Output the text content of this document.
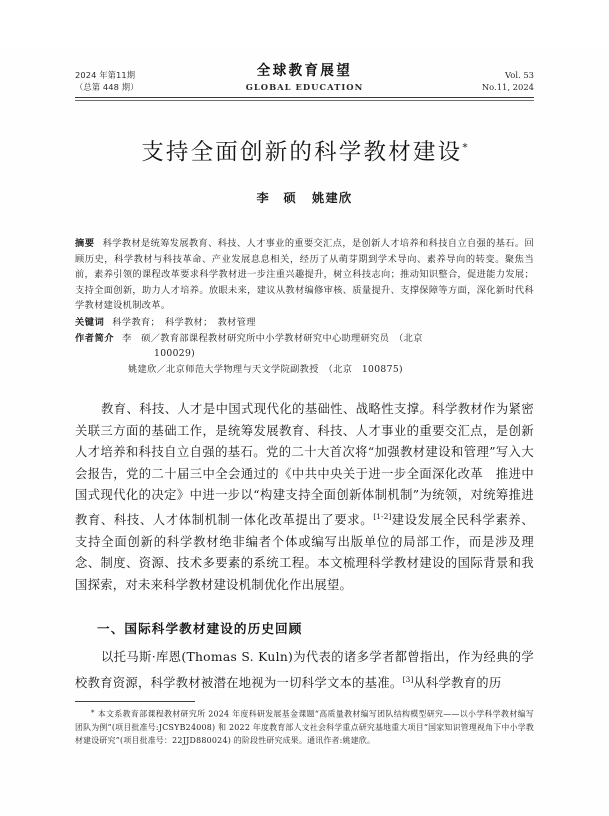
2024 年第11期
（总第 448 期）
全球教育展望
GLOBAL EDUCATION
Vol. 53
No.11, 2024
支持全面创新的科学教材建设*
李　硕 姚建欣
摘要 科学教材是统筹发展教育、科技、人才事业的重要交汇点，是创新人才培养和科技自立自强的基石。回顾历史，科学教材与科技革命、产业发展息息相关，经历了从萌芽期到学术导向、素养导向的转变。聚焦当前，素养引领的课程改革要求科学教材进一步注重兴趣提升，树立科技志向；推动知识整合，促进能力发展；支持全面创新，助力人才培养。放眼未来，建议从教材编修审核、质量提升、支撑保障等方面，深化新时代科学教材建设机制改革。
关键词 科学教育；　科学教材；　教材管理
作者简介 李　硕／教育部课程教材研究所中小学教材研究中心助理研究员　（北京
100029)
姚建欣／北京师范大学物理与天文学院副教授　（北京　100875)

教育、科技、人才是中国式现代化的基础性、战略性支撑。科学教材作为紧密关联三方面的基础工作，是统筹发展教育、科技、人才事业的重要交汇点，是创新人才培养和科技自立自强的基石。党的二十大首次将“加强教材建设和管理”写入大会报告，党的二十届三中全会通过的《中共中央关于进一步全面深化改革　推进中国式现代化的决定》中进一步以“构建支持全面创新体制机制”为统领，对统筹推进教育、科技、人才体制机制一体化改革提出了要求。[1-2]建设发展全民科学素养、支持全面创新的科学教材绝非编者个体或编写出版单位的局部工作，而是涉及理念、制度、资源、技术多要素的系统工程。本文梳理科学教材建设的国际背景和我国探索，对未来科学教材建设机制优化作出展望。

一、国际科学教材建设的历史回顾

以托马斯·库恩(Thomas S. Kuln)为代表的诸多学者都曾指出，作为经典的学校教育资源，科学教材被潜在地视为一切科学文本的基准。[3]从科学教育的历

* 本文系教育部课程教材研究所 2024 年度科研发展基金课题“高质量教材编写团队结构模型研究——以小学科学教材编写团队为例”(项目批准号:JCSYB24008) 和 2022 年度教育部人文社会科学重点研究基地重大项目“国家知识管理视角下中小学教材建设研究”(项目批准号：22JJD880024) 的阶段性研究成果。通讯作者:姚建欣。
